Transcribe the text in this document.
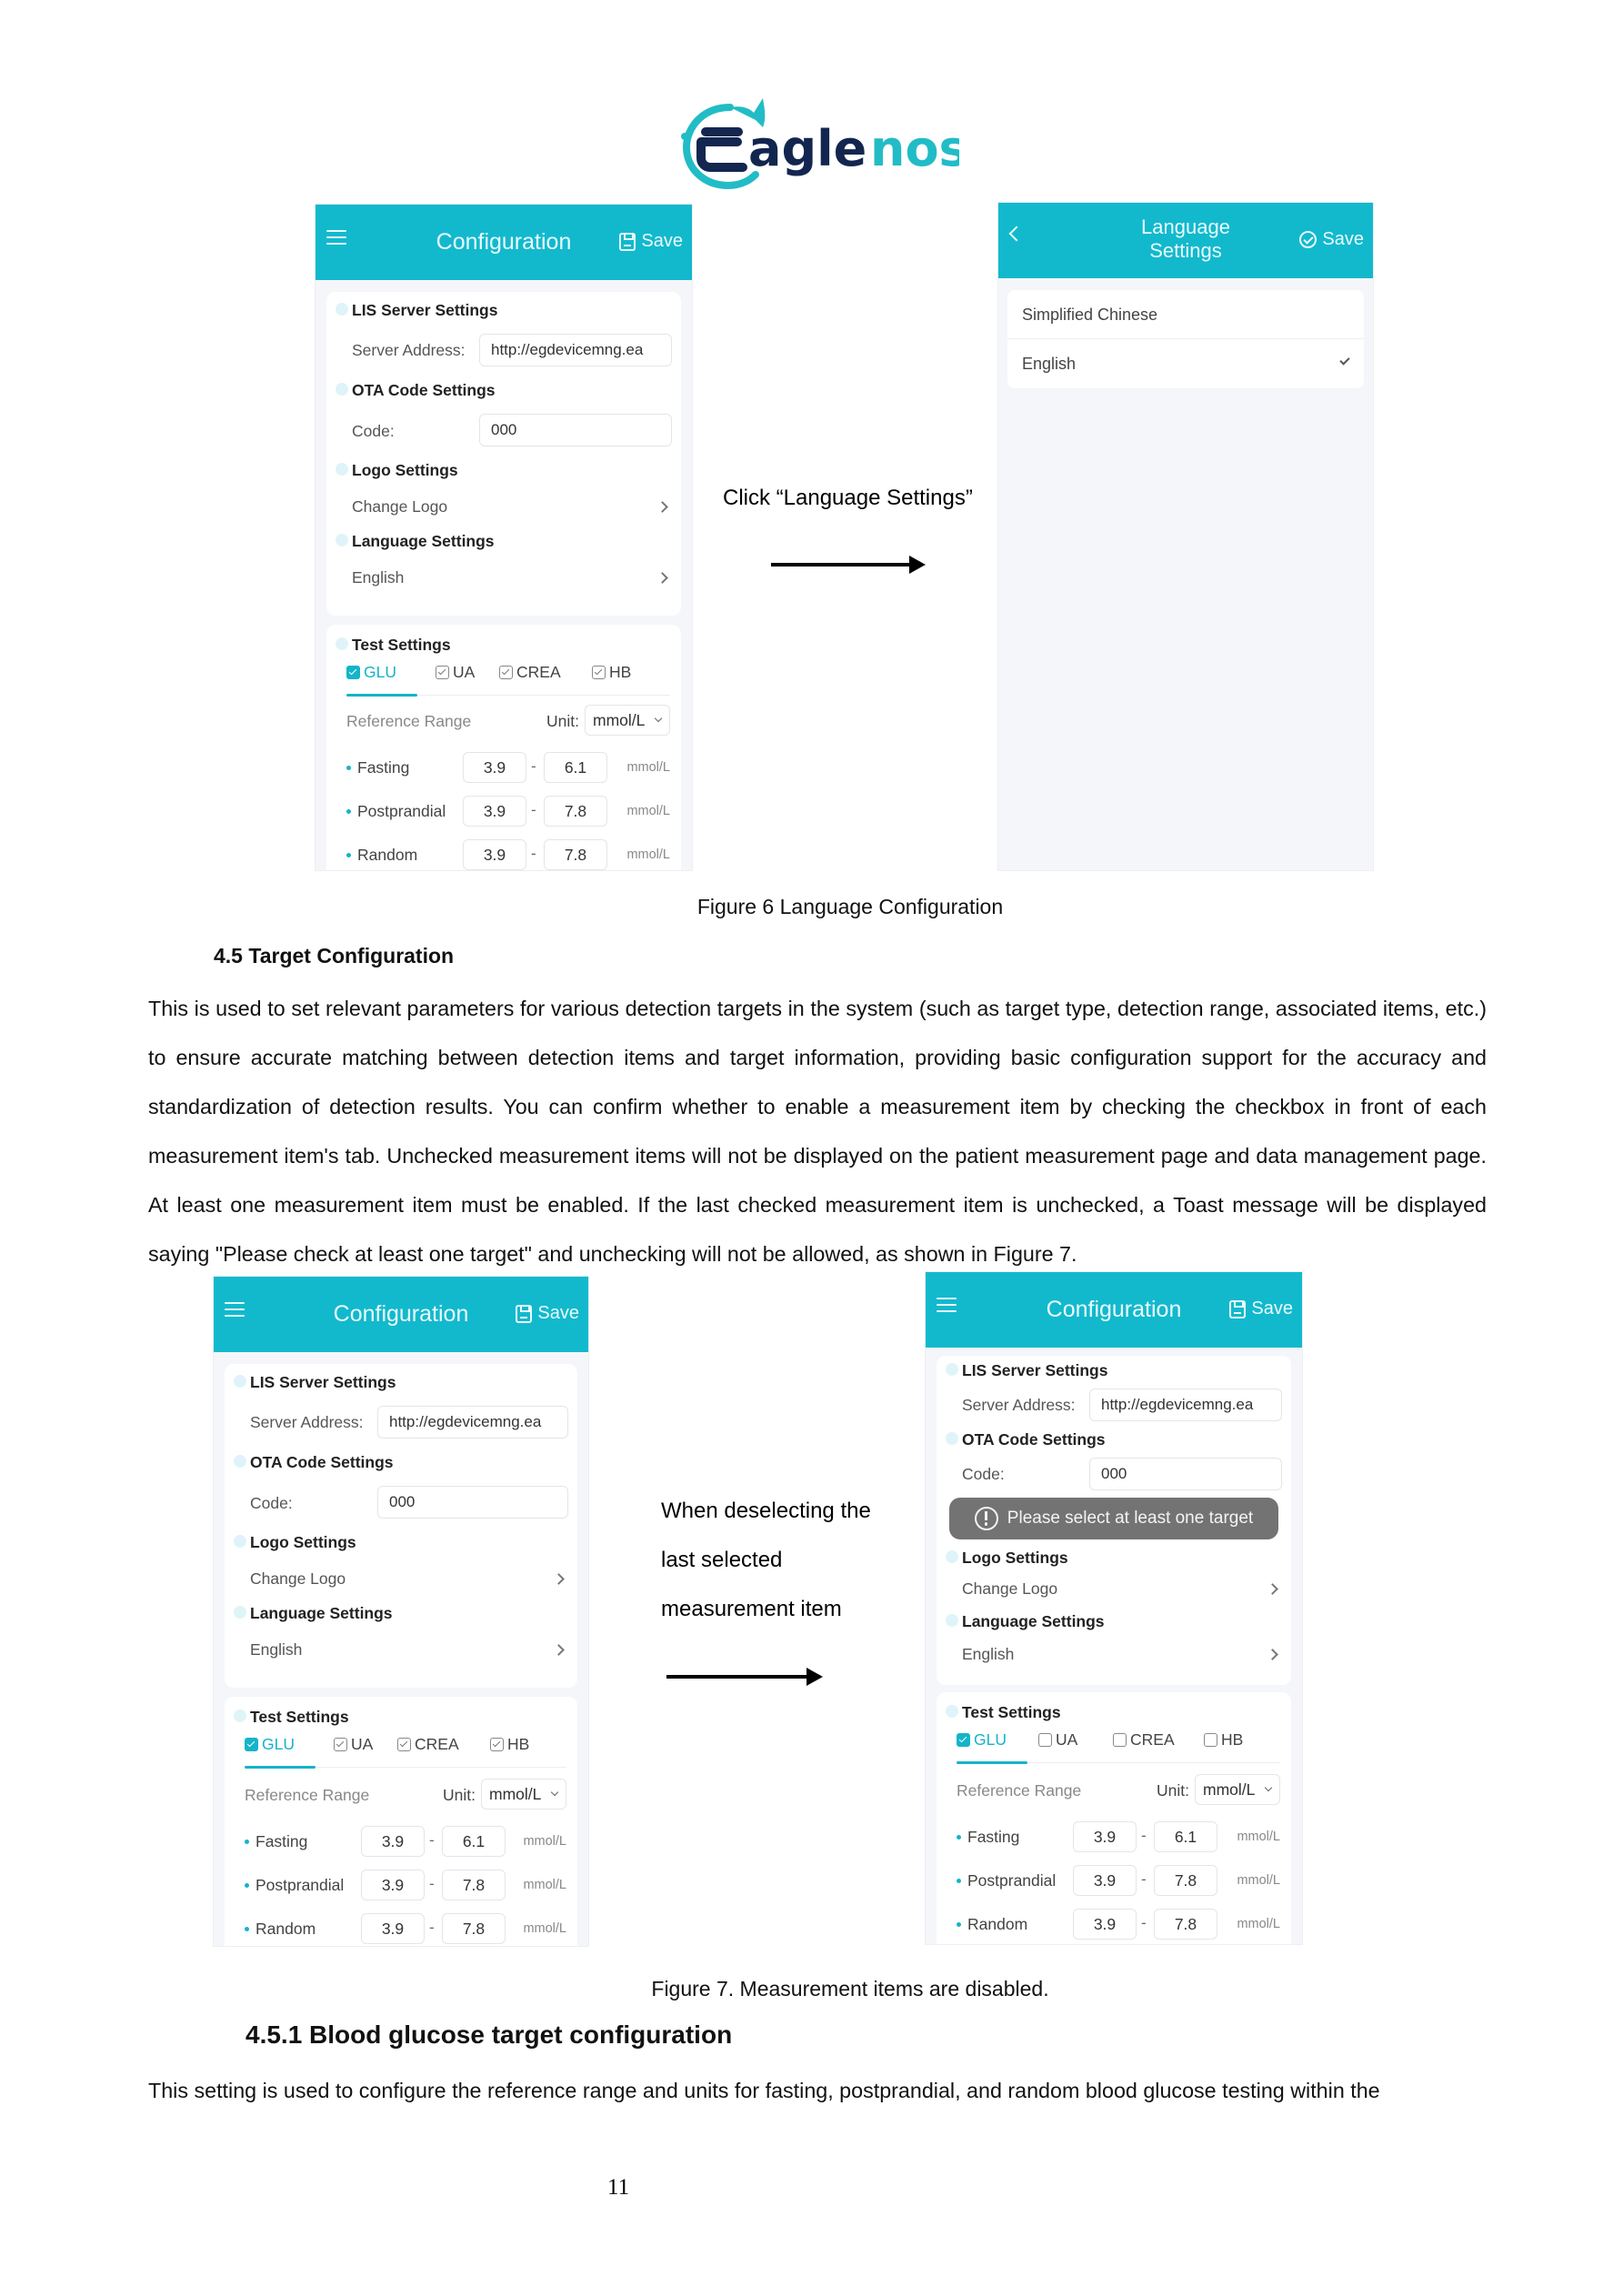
agle nos
Configuration	Save
LIS Server Settings
Server Address:	http://egdevicemng.ea
OTA Code Settings
Code:	000
Logo Settings
Change Logo
Language Settings
English
Test Settings
GLU	UA	CREA	HB
Reference Range	Unit: mmol/L
Fasting	3.9	-	6.1	mmol/L
Postprandial	3.9	-	7.8	mmol/L
Random	3.9	-	7.8	mmol/L
Click “Language Settings”
Language
Settings	Save
Simplified Chinese
English
Figure 6 Language Configuration
4.5 Target Configuration
This is used to set relevant parameters for various detection targets in the system (such as target type, detection range, associated items, etc.) to ensure accurate matching between detection items and target information, providing basic configuration support for the accuracy and standardization of detection results. You can confirm whether to enable a measurement item by checking the checkbox in front of each measurement item's tab. Unchecked measurement items will not be displayed on the patient measurement page and data management page. At least one measurement item must be enabled. If the last checked measurement item is unchecked, a Toast message will be displayed saying "Please check at least one target" and unchecking will not be allowed, as shown in Figure 7.
Configuration	Save
LIS Server Settings
Server Address:	http://egdevicemng.ea
OTA Code Settings
Code:	000
Logo Settings
Change Logo
Language Settings
English
Test Settings
GLU	UA	CREA	HB
Reference Range	Unit: mmol/L
Fasting	3.9	-	6.1	mmol/L
Postprandial	3.9	-	7.8	mmol/L
Random	3.9	-	7.8	mmol/L
When deselecting the
last selected
measurement item
Configuration	Save
LIS Server Settings
Server Address:	http://egdevicemng.ea
OTA Code Settings
Code:	000
Please select at least one target
Logo Settings
Change Logo
Language Settings
English
Test Settings
GLU	UA	CREA	HB
Reference Range	Unit: mmol/L
Fasting	3.9	-	6.1	mmol/L
Postprandial	3.9	-	7.8	mmol/L
Random	3.9	-	7.8	mmol/L
Figure 7. Measurement items are disabled.
4.5.1 Blood glucose target configuration
This setting is used to configure the reference range and units for fasting, postprandial, and random blood glucose testing within the
11
